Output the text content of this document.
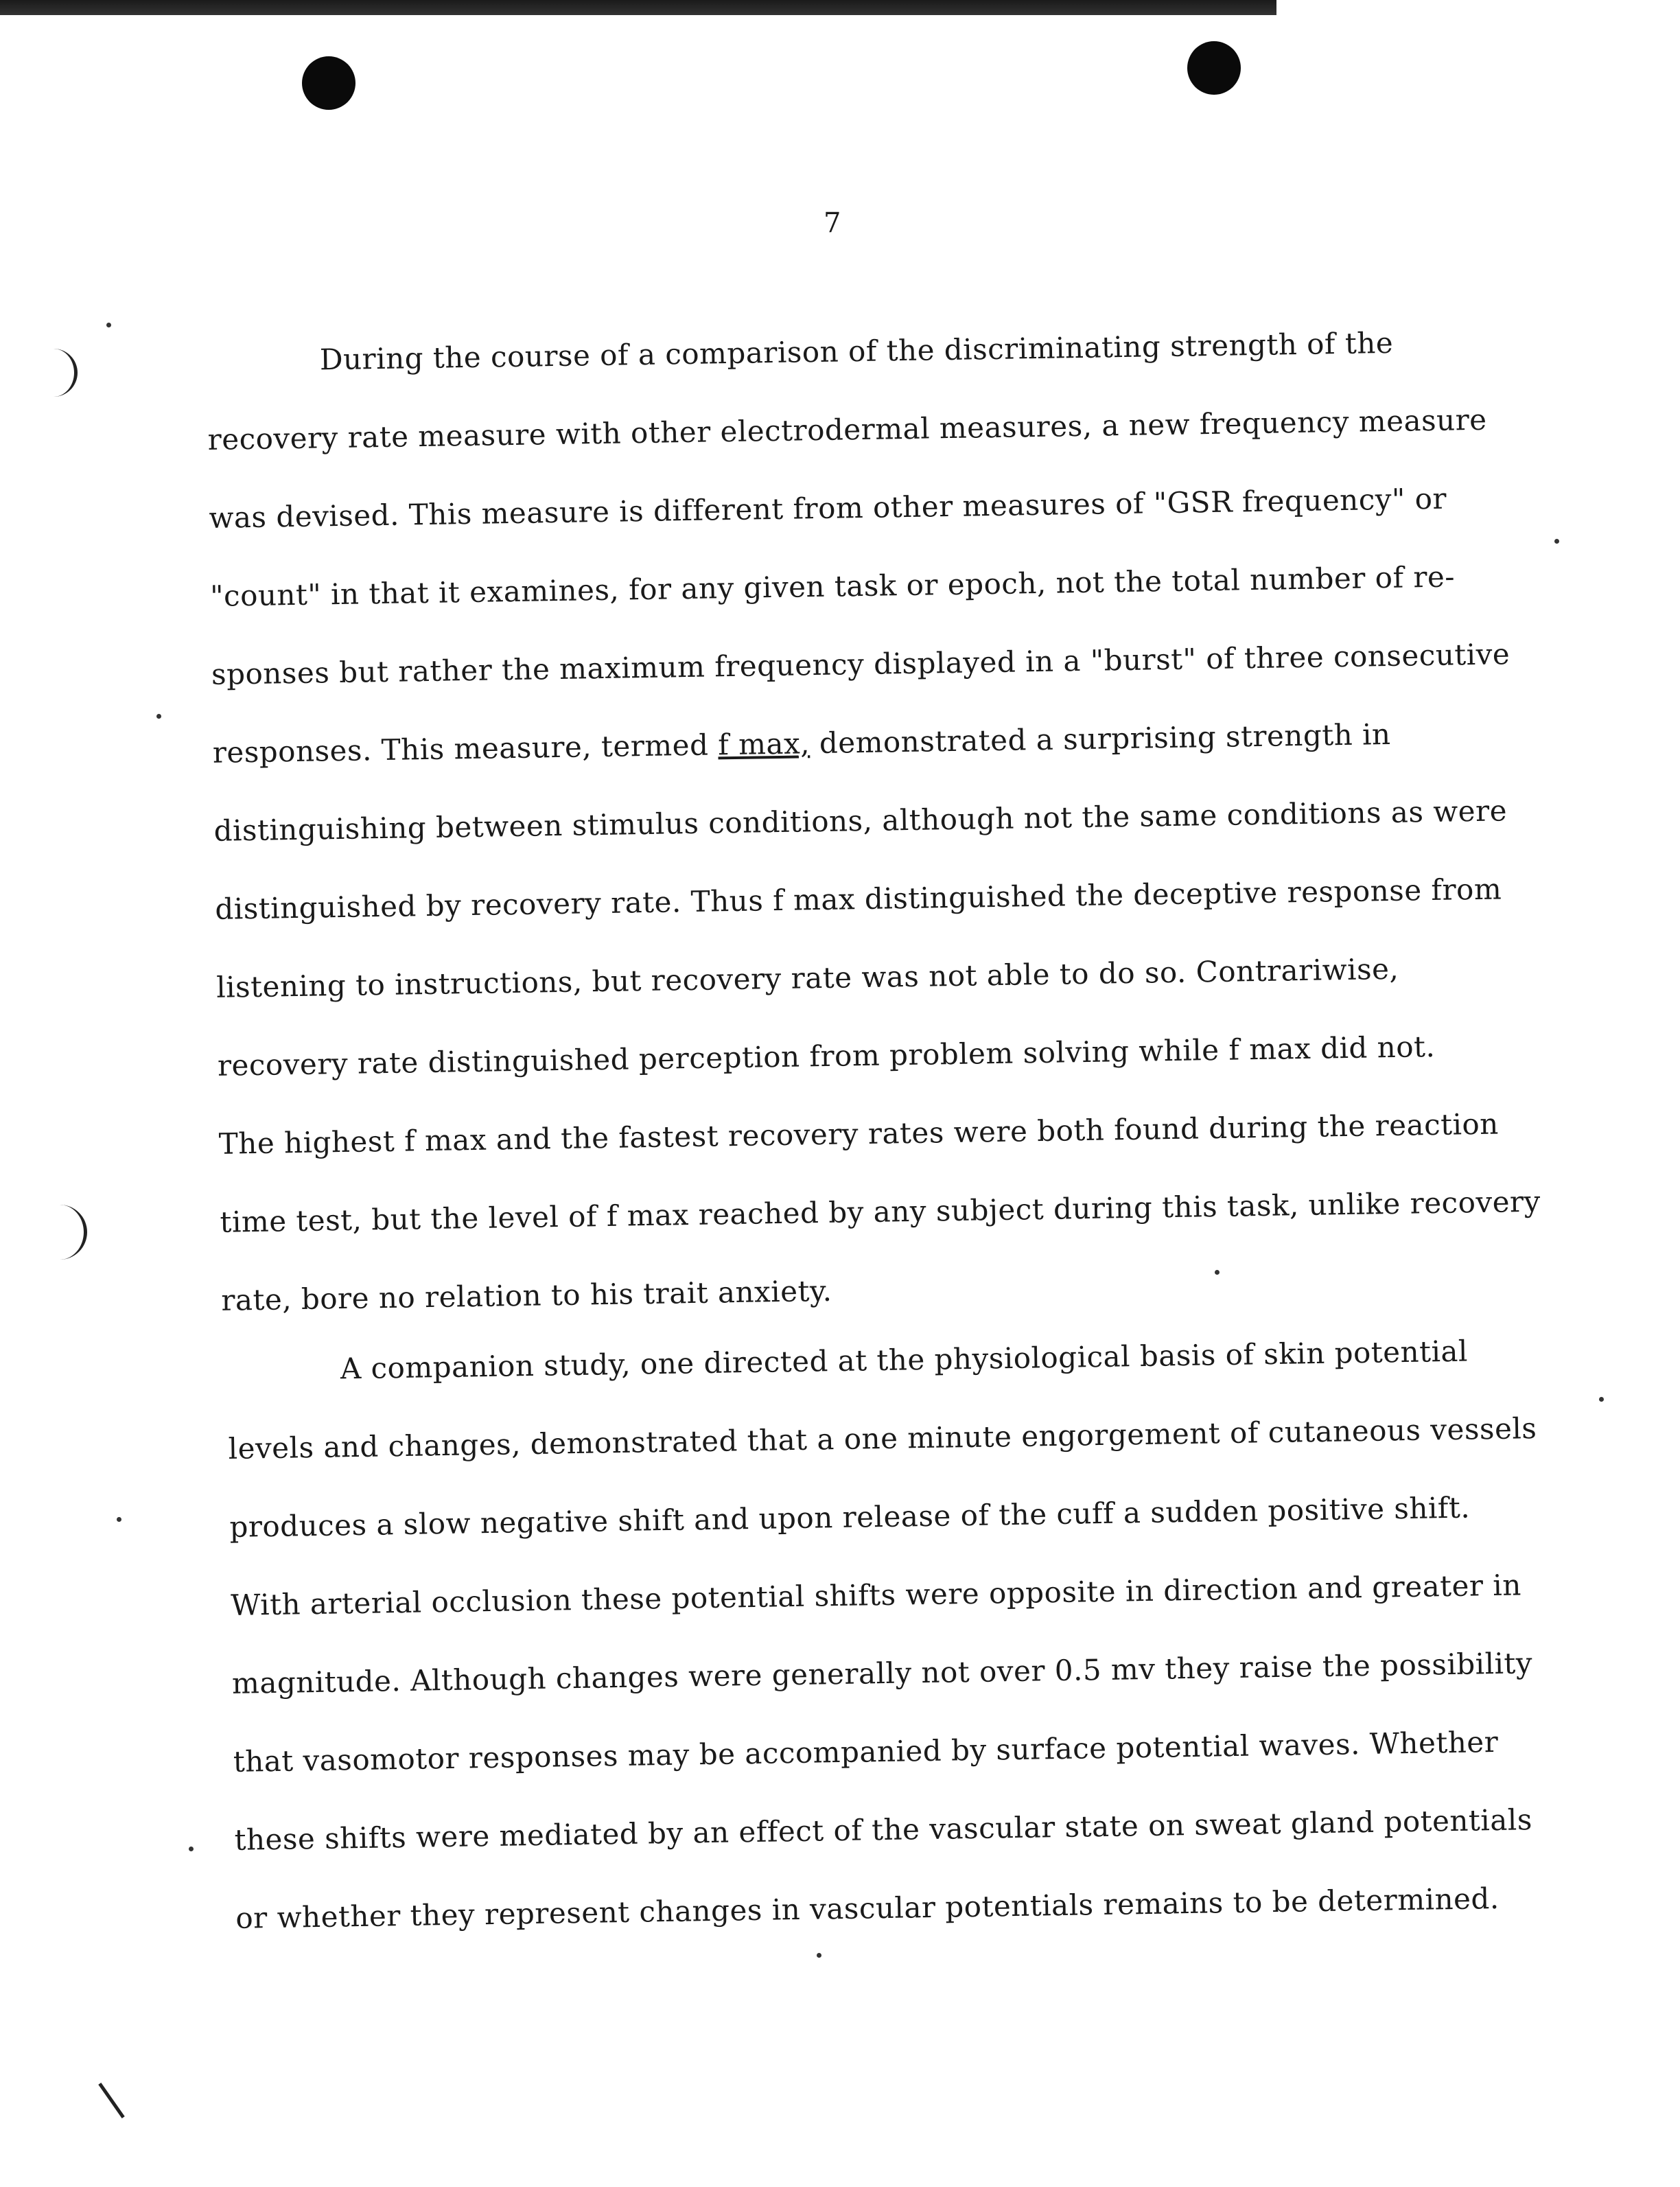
7
During the course of a comparison of the discriminating strength of the
recovery rate measure with other electrodermal measures, a new frequency measure
was devised. This measure is different from other measures of "GSR frequency" or
"count" in that it examines, for any given task or epoch, not the total number of re-
sponses but rather the maximum frequency displayed in a "burst" of three consecutive
responses. This measure, termed f max, demonstrated a surprising strength in
distinguishing between stimulus conditions, although not the same conditions as were
distinguished by recovery rate. Thus f max distinguished the deceptive response from
listening to instructions, but recovery rate was not able to do so. Contrariwise,
recovery rate distinguished perception from problem solving while f max did not.
The highest f max and the fastest recovery rates were both found during the reaction
time test, but the level of f max reached by any subject during this task, unlike recovery
rate, bore no relation to his trait anxiety.
A companion study, one directed at the physiological basis of skin potential
levels and changes, demonstrated that a one minute engorgement of cutaneous vessels
produces a slow negative shift and upon release of the cuff a sudden positive shift.
With arterial occlusion these potential shifts were opposite in direction and greater in
magnitude. Although changes were generally not over 0.5 mv they raise the possibility
that vasomotor responses may be accompanied by surface potential waves. Whether
these shifts were mediated by an effect of the vascular state on sweat gland potentials
or whether they represent changes in vascular potentials remains to be determined.
